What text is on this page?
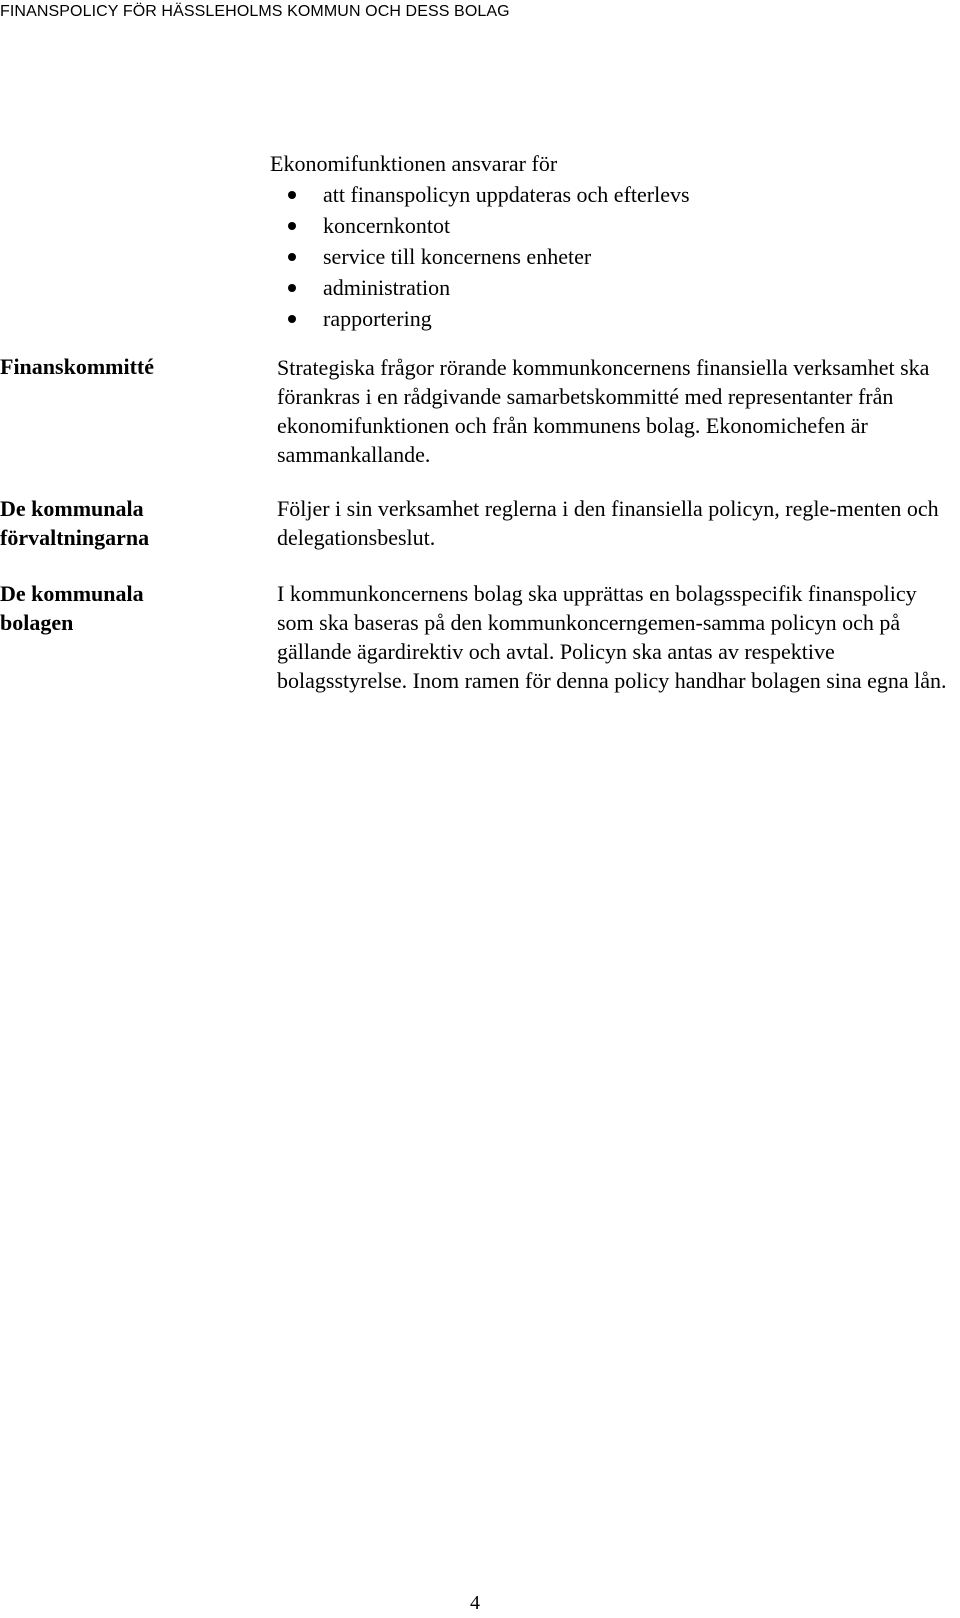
FINANSPOLICY FÖR HÄSSLEHOLMS KOMMUN OCH DESS BOLAG
Ekonomifunktionen ansvarar för
att finanspolicyn uppdateras och efterlevs
koncernkontot
service till koncernens enheter
administration
rapportering
Finanskommitté	Strategiska frågor rörande kommunkoncernens finansiella verksamhet ska förankras i en rådgivande samarbetskommitté med representanter från ekonomifunktionen och från kommunens bolag. Ekonomichefen är sammankallande.
De kommunala
förvaltningarna
Följer i sin verksamhet reglerna i den finansiella policyn, regle-menten och delegationsbeslut.
De kommunala
bolagen
I kommunkoncernens bolag ska upprättas en bolagsspecifik finanspolicy som ska baseras på den kommunkoncerngemen-samma policyn och på gällande ägardirektiv och avtal. Policyn ska antas av respektive bolagsstyrelse. Inom ramen för denna policy handhar bolagen sina egna lån.
4
